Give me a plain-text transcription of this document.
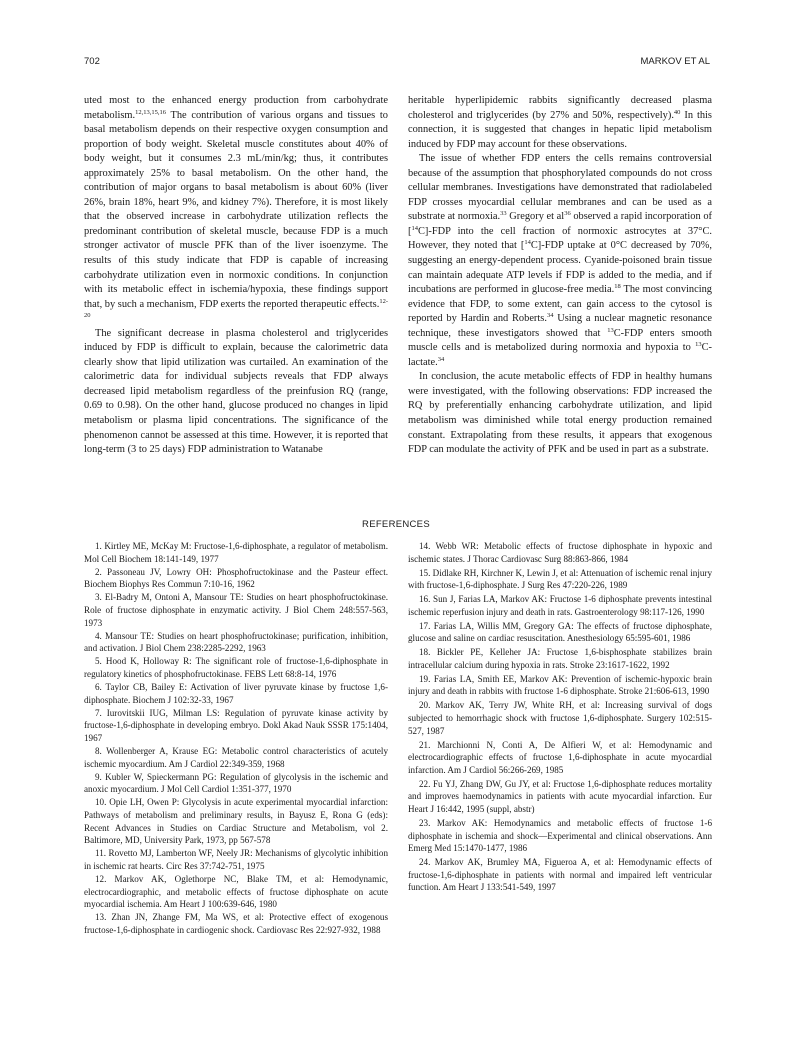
702	MARKOV ET AL

uted most to the enhanced energy production from carbohydrate metabolism.$^{12,13,15,16}$ The contribution of various organs and tissues to basal metabolism depends on their respective oxygen consumption and proportion of body weight. Skeletal muscle constitutes about 40% of body weight, but it consumes 2.3 mL/min/kg; thus, it contributes approximately 25% to basal metabolism. On the other hand, the contribution of major organs to basal metabolism is about 60% (liver 26%, brain 18%, heart 9%, and kidney 7%). Therefore, it is most likely that the observed increase in carbohydrate utilization reflects the predominant contribution of skeletal muscle, because FDP is a much stronger activator of muscle PFK than of the liver isoenzyme. The results of this study indicate that FDP is capable of increasing carbohydrate utilization even in normoxic conditions. In conjunction with its metabolic effect in ischemia/hypoxia, these findings support that, by such a mechanism, FDP exerts the reported therapeutic effects.$^{12-20}$

The significant decrease in plasma cholesterol and triglycerides induced by FDP is difficult to explain, because the calorimetric data clearly show that lipid utilization was curtailed. An examination of the calorimetric data for individual subjects reveals that FDP always decreased lipid metabolism regardless of the preinfusion RQ (range, 0.69 to 0.98). On the other hand, glucose produced no changes in lipid metabolism or plasma lipid concentrations. The significance of the phenomenon cannot be assessed at this time. However, it is reported that long-term (3 to 25 days) FDP administration to Watanabe

heritable hyperlipidemic rabbits significantly decreased plasma cholesterol and triglycerides (by 27% and 50%, respectively).$^{40}$ In this connection, it is suggested that changes in hepatic lipid metabolism induced by FDP may account for these observations.

The issue of whether FDP enters the cells remains controversial because of the assumption that phosphorylated compounds do not cross cellular membranes. Investigations have demonstrated that radiolabeled FDP crosses myocardial cellular membranes and can be used as a substrate at normoxia.$^{33}$ Gregory et $al^{36}$ observed a rapid incorporation of [$^{14}$C]-FDP into the cell fraction of normoxic astrocytes at 37°C. However, they noted that [$^{14}$C]-FDP uptake at 0°C decreased by 70%, suggesting an energy-dependent process. Cyanide-poisoned brain tissue can maintain adequate ATP levels if FDP is added to the media, and if incubations are performed in glucose-free media.$^{18}$ The most convincing evidence that FDP, to some extent, can gain access to the cytosol is reported by Hardin and Roberts.$^{34}$ Using a nuclear magnetic resonance technique, these investigators showed that $^{13}$C-FDP enters smooth muscle cells and is metabolized during normoxia and hypoxia to $^{13}$C-lactate.$^{34}$

In conclusion, the acute metabolic effects of FDP in healthy humans were investigated, with the following observations: FDP increased the RQ by preferentially enhancing carbohydrate utilization, and lipid metabolism was diminished while total energy production remained constant. Extrapolating from these results, it appears that exogenous FDP can modulate the activity of PFK and be used in part as a substrate.

REFERENCES

1. Kirtley ME, McKay M: Fructose-1,6-diphosphate, a regulator of metabolism. Mol Cell Biochem 18:141-149, 1977

2. Passoneau JV, Lowry OH: Phosphofructokinase and the Pasteur effect. Biochem Biophys Res Commun 7:10-16, 1962

3. El-Badry M, Ontoni A, Mansour TE: Studies on heart phosphofructokinase. Role of fructose diphosphate in enzymatic activity. J Biol Chem 248:557-563, 1973

4. Mansour TE: Studies on heart phosphofructokinase; purification, inhibition, and activation. J Biol Chem 238:2285-2292, 1963

5. Hood K, Holloway R: The significant role of fructose-1,6-diphosphate in regulatory kinetics of phosphofructokinase. FEBS Lett 68:8-14, 1976

6. Taylor CB, Bailey E: Activation of liver pyruvate kinase by fructose 1,6-diphosphate. Biochem J 102:32-33, 1967

7. Iurovitskii IUG, Milman LS: Regulation of pyruvate kinase activity by fructose-1,6-diphosphate in developing embryo. Dokl Akad Nauk SSSR 175:1404, 1967

8. Wollenberger A, Krause EG: Metabolic control characteristics of acutely ischemic myocardium. Am J Cardiol 22:349-359, 1968

9. Kubler W, Spieckermann PG: Regulation of glycolysis in the ischemic and anoxic myocardium. J Mol Cell Cardiol 1:351-377, 1970

10. Opie LH, Owen P: Glycolysis in acute experimental myocardial infarction: Pathways of metabolism and preliminary results, in Bayusz E, Rona G (eds): Recent Advances in Studies on Cardiac Structure and Metabolism, vol 2. Baltimore, MD, University Park, 1973, pp 567-578

11. Rovetto MJ, Lamberton WF, Neely JR: Mechanisms of glycolytic inhibition in ischemic rat hearts. Circ Res 37:742-751, 1975

12. Markov AK, Oglethorpe NC, Blake TM, et al: Hemodynamic, electrocardiographic, and metabolic effects of fructose diphosphate on acute myocardial ischemia. Am Heart J 100:639-646, 1980

13. Zhan JN, Zhange FM, Ma WS, et al: Protective effect of exogenous fructose-1,6-diphosphate in cardiogenic shock. Cardiovasc Res 22:927-932, 1988

14. Webb WR: Metabolic effects of fructose diphosphate in hypoxic and ischemic states. J Thorac Cardiovasc Surg 88:863-866, 1984

15. Didlake RH, Kirchner K, Lewin J, et al: Attenuation of ischemic renal injury with fructose-1,6-diphosphate. J Surg Res 47:220-226, 1989

16. Sun J, Farias LA, Markov AK: Fructose 1-6 diphosphate prevents intestinal ischemic reperfusion injury and death in rats. Gastroenterology 98:117-126, 1990

17. Farias LA, Willis MM, Gregory GA: The effects of fructose diphosphate, glucose and saline on cardiac resuscitation. Anesthesiology 65:595-601, 1986

18. Bickler PE, Kelleher JA: Fructose 1,6-bisphosphate stabilizes brain intracellular calcium during hypoxia in rats. Stroke 23:1617-1622, 1992

19. Farias LA, Smith EE, Markov AK: Prevention of ischemic-hypoxic brain injury and death in rabbits with fructose 1-6 diphosphate. Stroke 21:606-613, 1990

20. Markov AK, Terry JW, White RH, et al: Increasing survival of dogs subjected to hemorrhagic shock with fructose 1,6-diphosphate. Surgery 102:515-527, 1987

21. Marchionni N, Conti A, De Alfieri W, et al: Hemodynamic and electrocardiographic effects of fructose 1,6-diphosphate in acute myocardial infarction. Am J Cardiol 56:266-269, 1985

22. Fu YJ, Zhang DW, Gu JY, et al: Fructose 1,6-diphosphate reduces mortality and improves haemodynamics in patients with acute myocardial infarction. Eur Heart J 16:442, 1995 (suppl, abstr)

23. Markov AK: Hemodynamics and metabolic effects of fructose 1-6 diphosphate in ischemia and shock—Experimental and clinical observations. Ann Emerg Med 15:1470-1477, 1986

24. Markov AK, Brumley MA, Figueroa A, et al: Hemodynamic effects of fructose-1,6-diphosphate in patients with normal and impaired left ventricular function. Am Heart J 133:541-549, 1997
